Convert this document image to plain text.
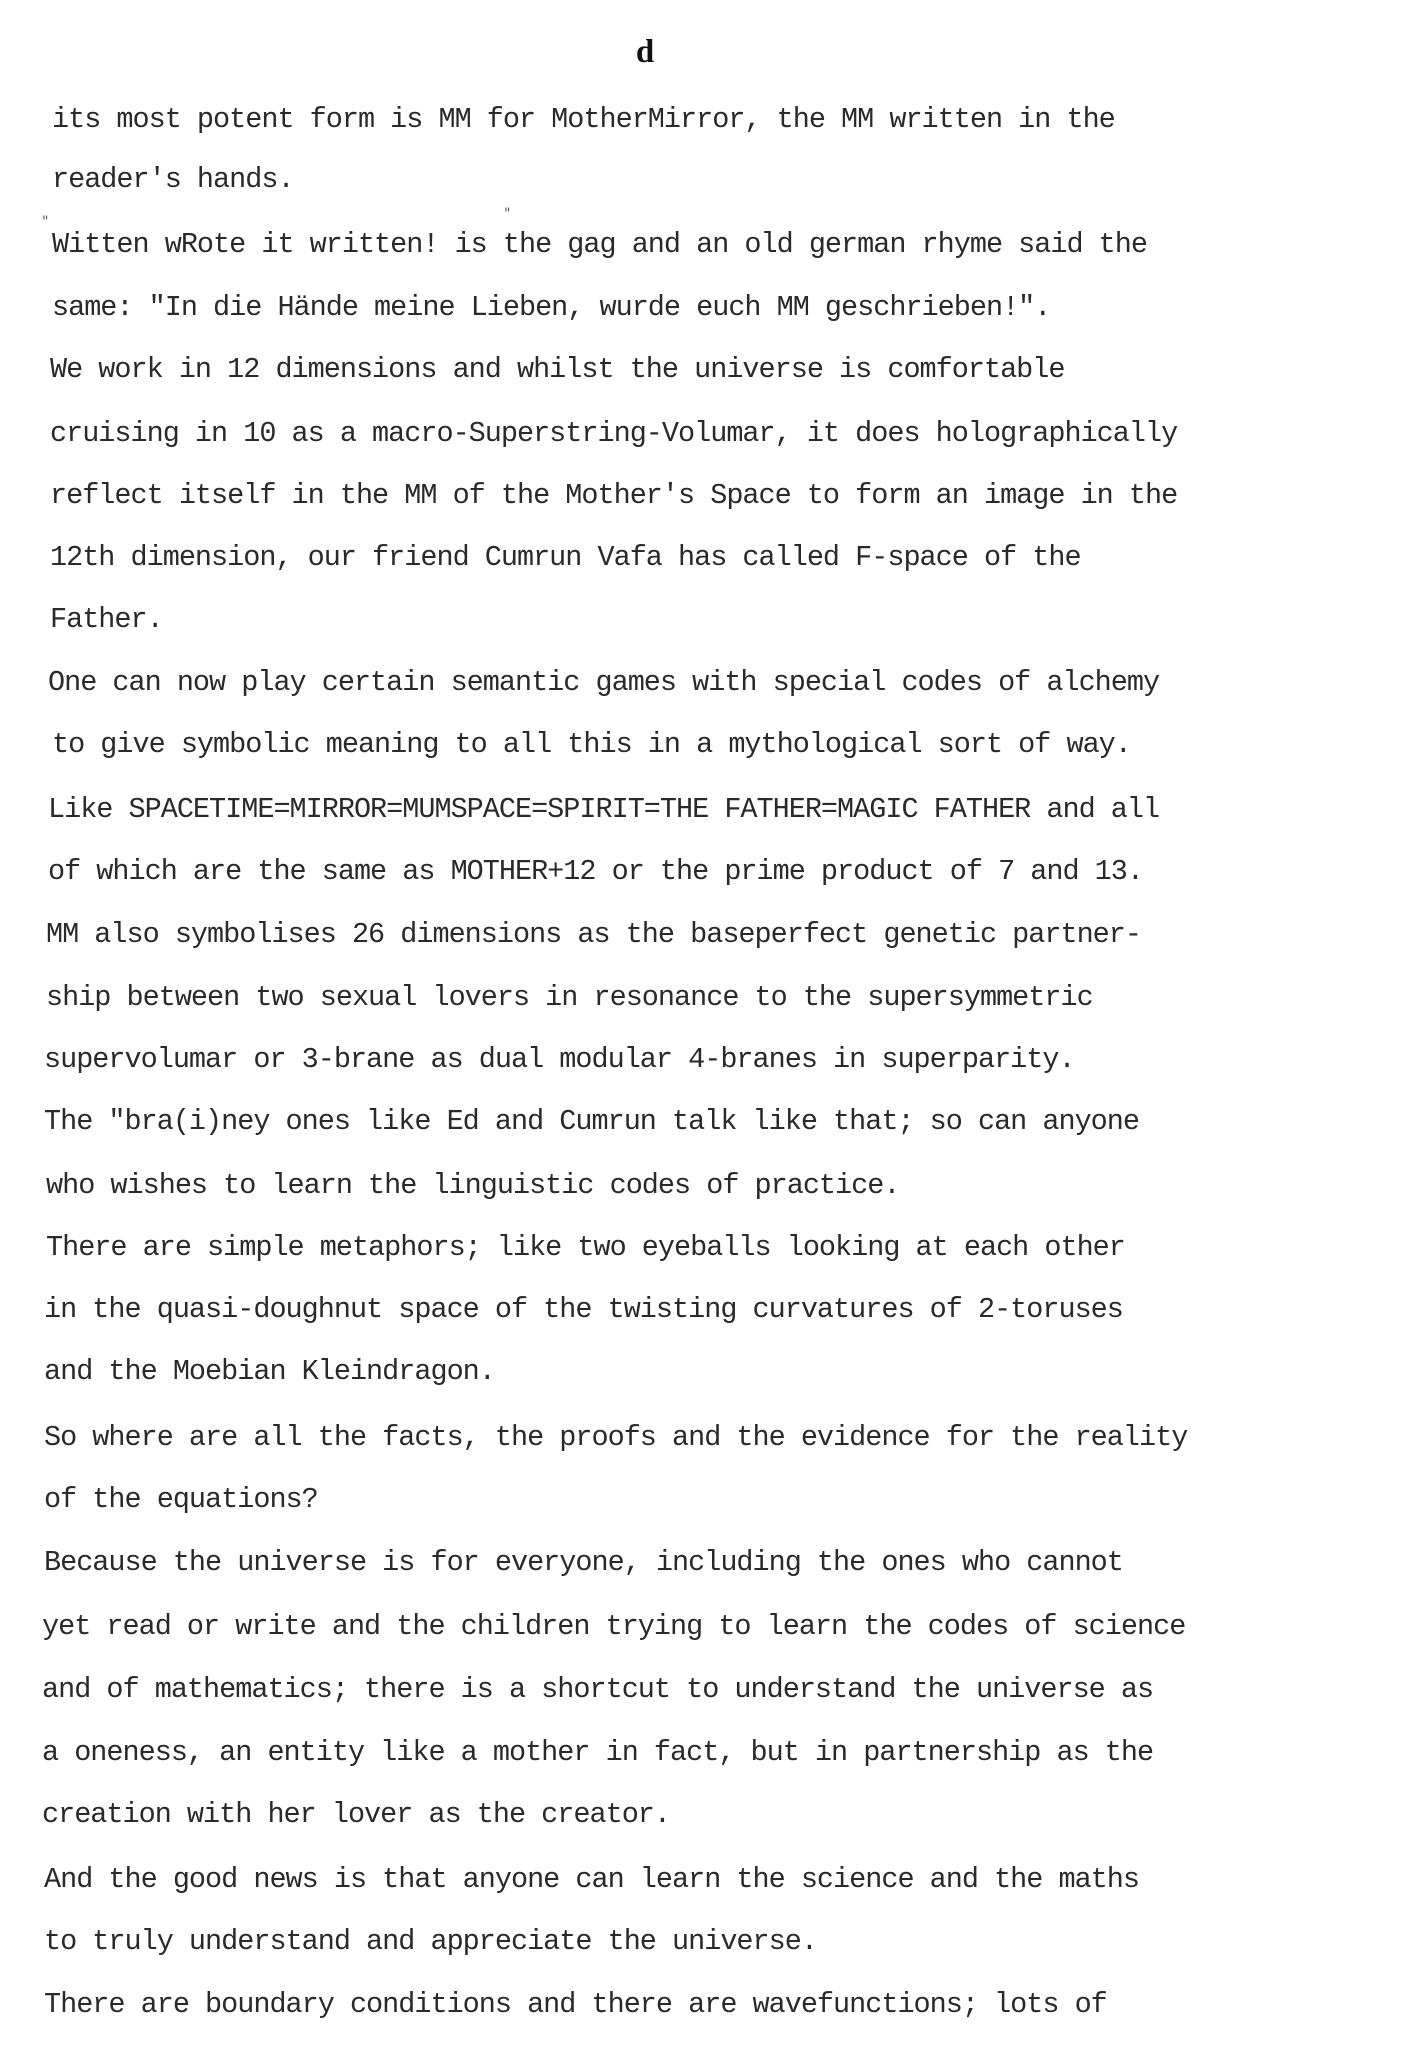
d
"	"
its most potent form is MM for MotherMirror, the MM written in the
reader's hands.
Witten wRote it written! is the gag and an old german rhyme said the
same: "In die Hände meine Lieben, wurde euch MM geschrieben!".
We work in 12 dimensions and whilst the universe is comfortable
cruising in 10 as a macro-Superstring-Volumar, it does holographically
reflect itself in the MM of the Mother's Space to form an image in the
12th dimension, our friend Cumrun Vafa has called F-space of the
Father.
One can now play certain semantic games with special codes of alchemy
to give symbolic meaning to all this in a mythological sort of way.
Like SPACETIME=MIRROR=MUMSPACE=SPIRIT=THE FATHER=MAGIC FATHER and all
of which are the same as MOTHER+12 or the prime product of 7 and 13.
MM also symbolises 26 dimensions as the baseperfect genetic partner-
ship between two sexual lovers in resonance to the supersymmetric
supervolumar or 3-brane as dual modular 4-branes in superparity.
The "bra(i)ney ones like Ed and Cumrun talk like that; so can anyone
who wishes to learn the linguistic codes of practice.
There are simple metaphors; like two eyeballs looking at each other
in the quasi-doughnut space of the twisting curvatures of 2-toruses
and the Moebian Kleindragon.
So where are all the facts, the proofs and the evidence for the reality
of the equations?
Because the universe is for everyone, including the ones who cannot
yet read or write and the children trying to learn the codes of science
and of mathematics; there is a shortcut to understand the universe as
a oneness, an entity like a mother in fact, but in partnership as the
creation with her lover as the creator.
And the good news is that anyone can learn the science and the maths
to truly understand and appreciate the universe.
There are boundary conditions and there are wavefunctions; lots of
